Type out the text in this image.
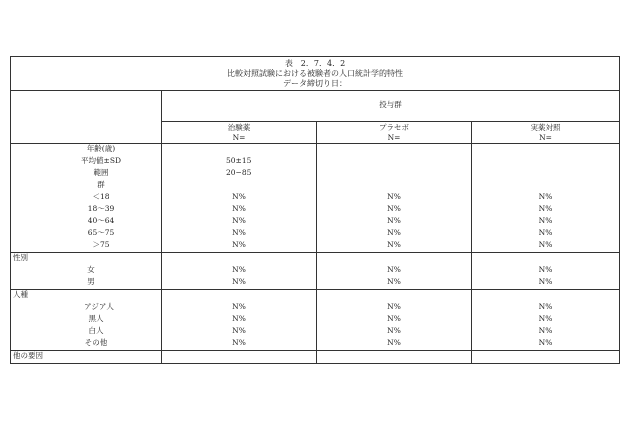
表　2．7．4．2
比較対照試験における被験者の人口統計学的特性
データ締切り日：
投与群
治験薬
N=
プラセボ
N=
実薬対照
N=
年齢(歳)
平均値±SD	50±15
範囲	20−85
群
＜18	N%	N%	N%
18〜39	N%	N%	N%
40〜64	N%	N%	N%
65〜75	N%	N%	N%
＞75	N%	N%	N%
性別
女	N%	N%	N%
男	N%	N%	N%
人種
アジア人	N%	N%	N%
黒人	N%	N%	N%
白人	N%	N%	N%
その他	N%	N%	N%
他の要因
